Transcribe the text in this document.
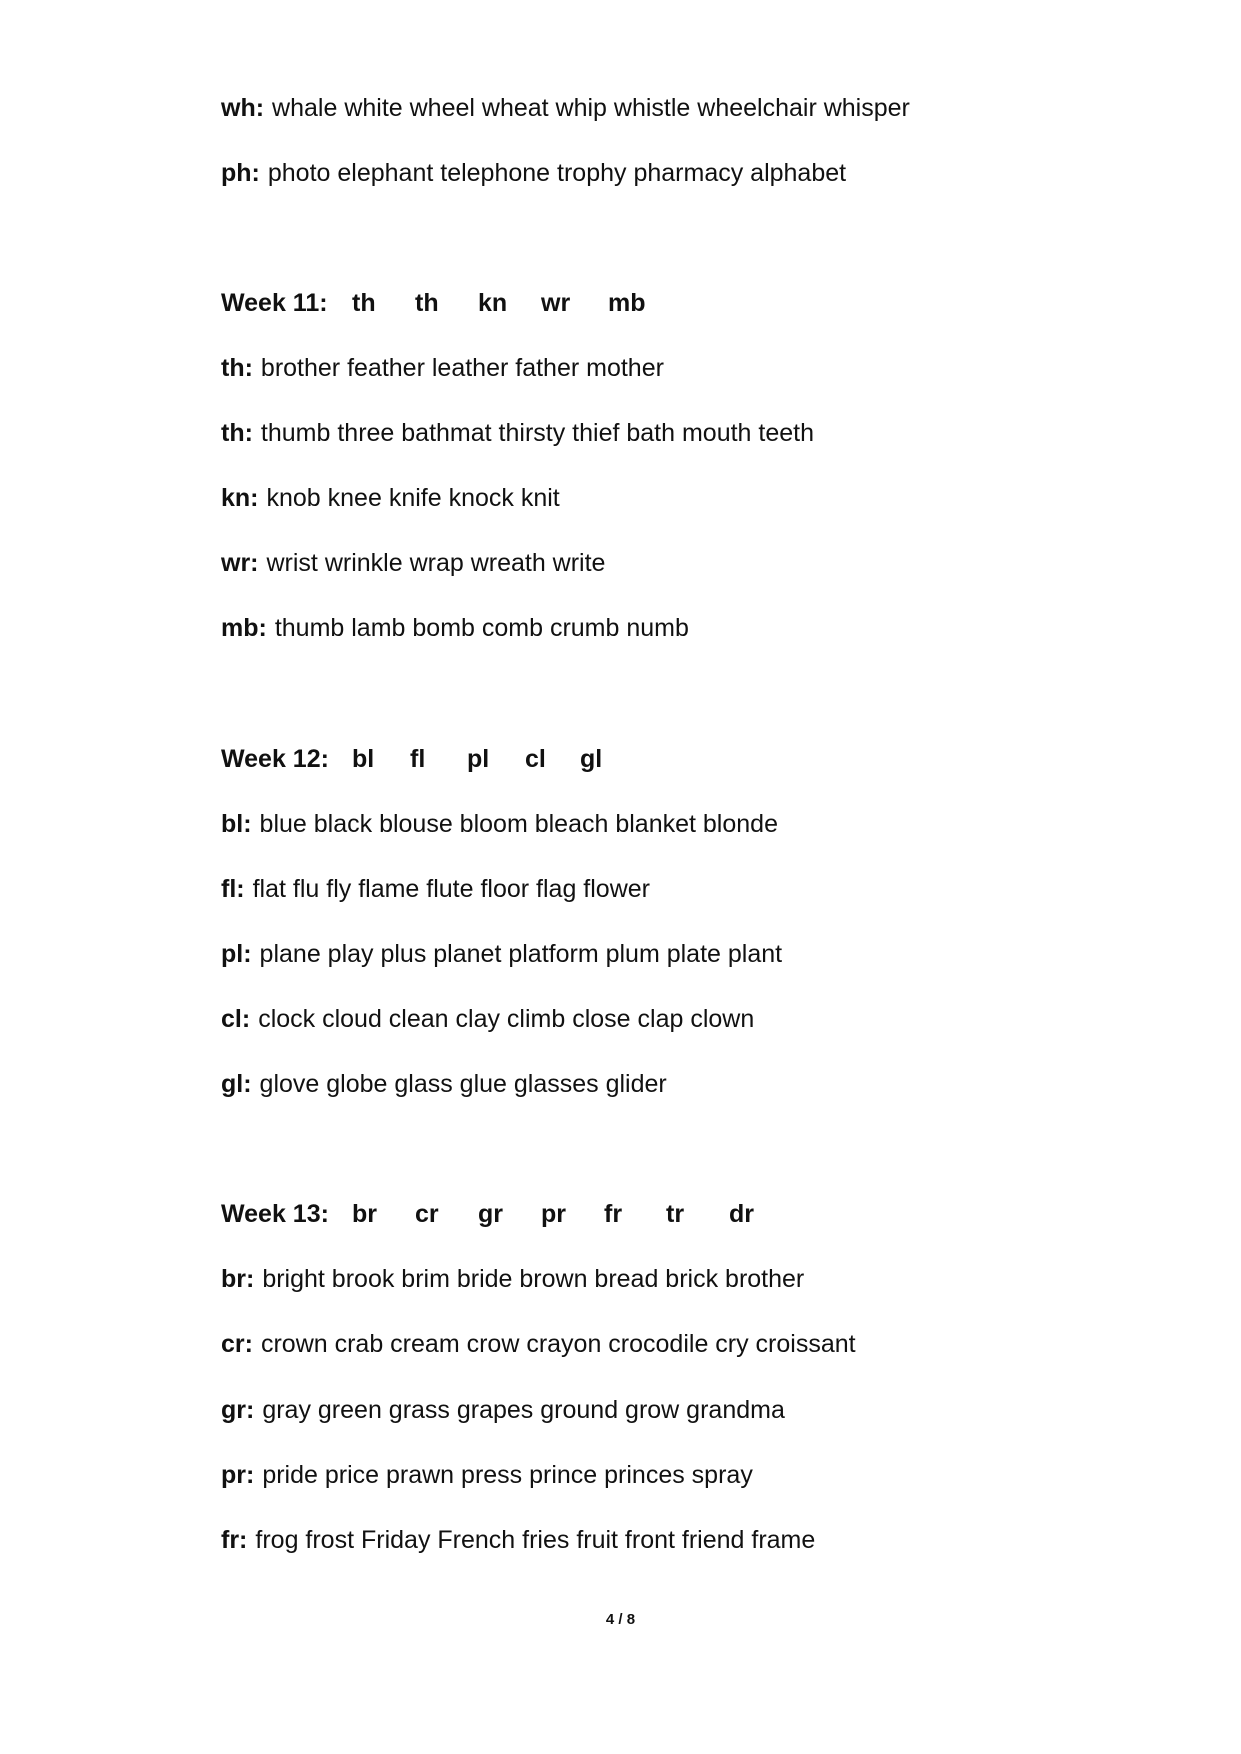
wh: whale white wheel wheat whip whistle wheelchair whisper
ph: photo elephant telephone trophy pharmacy alphabet
Week 11: th th kn wr mb
th: brother feather leather father mother
th: thumb three bathmat thirsty thief bath mouth teeth
kn: knob knee knife knock knit
wr: wrist wrinkle wrap wreath write
mb: thumb lamb bomb comb crumb numb
Week 12: bl fl pl cl gl
bl: blue black blouse bloom bleach blanket blonde
fl: flat flu fly flame flute floor flag flower
pl: plane play plus planet platform plum plate plant
cl: clock cloud clean clay climb close clap clown
gl: glove globe glass glue glasses glider
Week 13: br cr gr pr fr tr dr
br: bright brook brim bride brown bread brick brother
cr: crown crab cream crow crayon crocodile cry croissant
gr: gray green grass grapes ground grow grandma
pr: pride price prawn press prince princes spray
fr: frog frost Friday French fries fruit front friend frame
4 / 8
